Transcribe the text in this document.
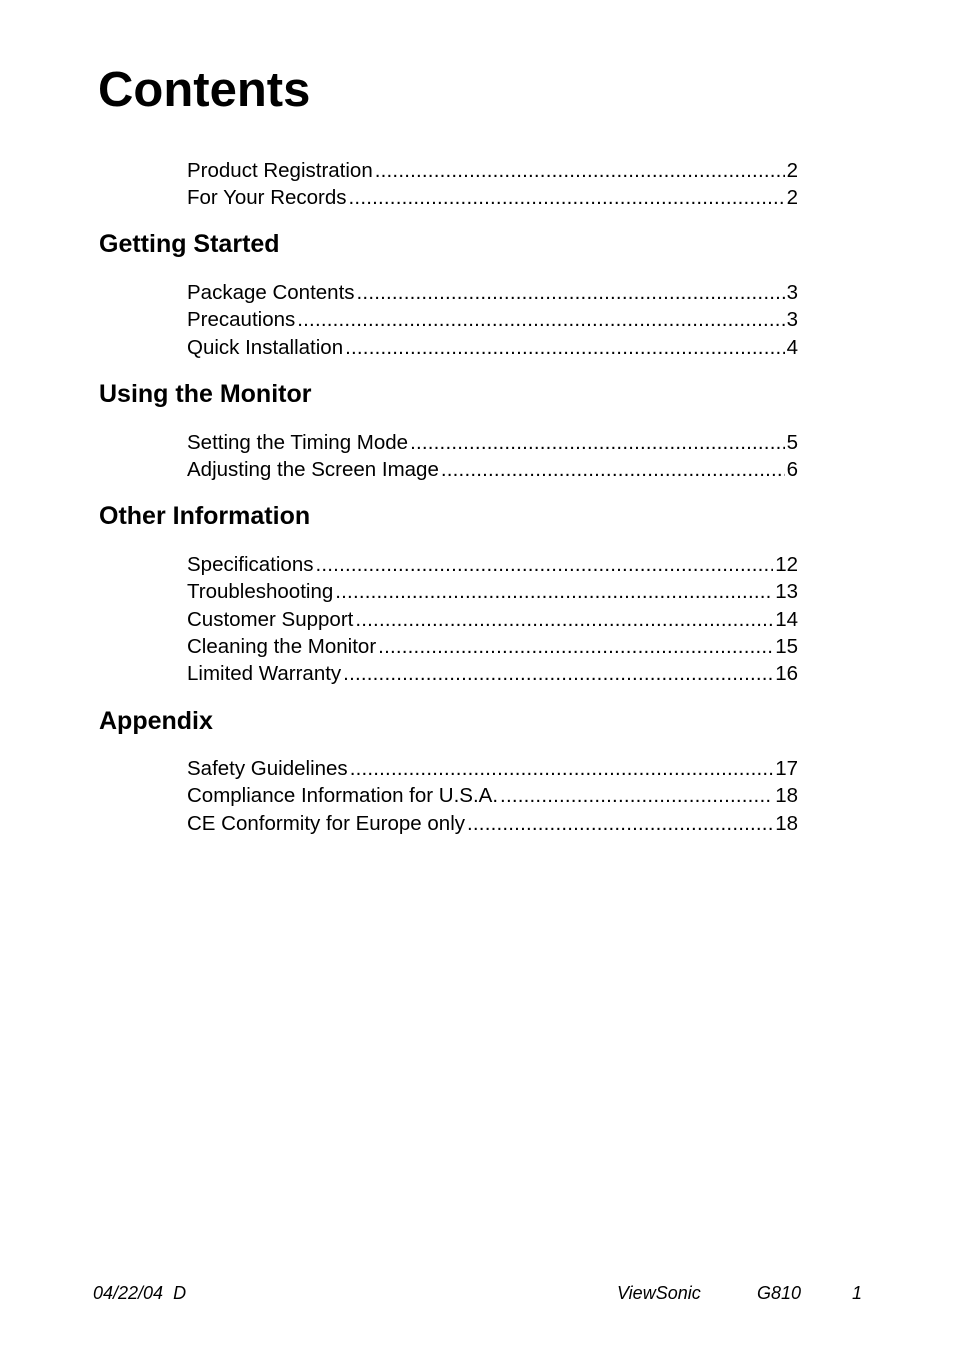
Contents
Product Registration .....	2
For Your Records .....	2
Getting Started
Package Contents .....	3
Precautions .....	3
Quick Installation .....	4
Using the Monitor
Setting the Timing Mode .....	5
Adjusting the Screen Image .....	6
Other Information
Specifications .....	12
Troubleshooting .....	13
Customer Support .....	14
Cleaning the Monitor .....	15
Limited Warranty .....	16
Appendix
Safety Guidelines .....	17
Compliance Information for U.S.A. .....	18
CE Conformity for Europe only .....	18
04/22/04  D	ViewSonic	G810	1
